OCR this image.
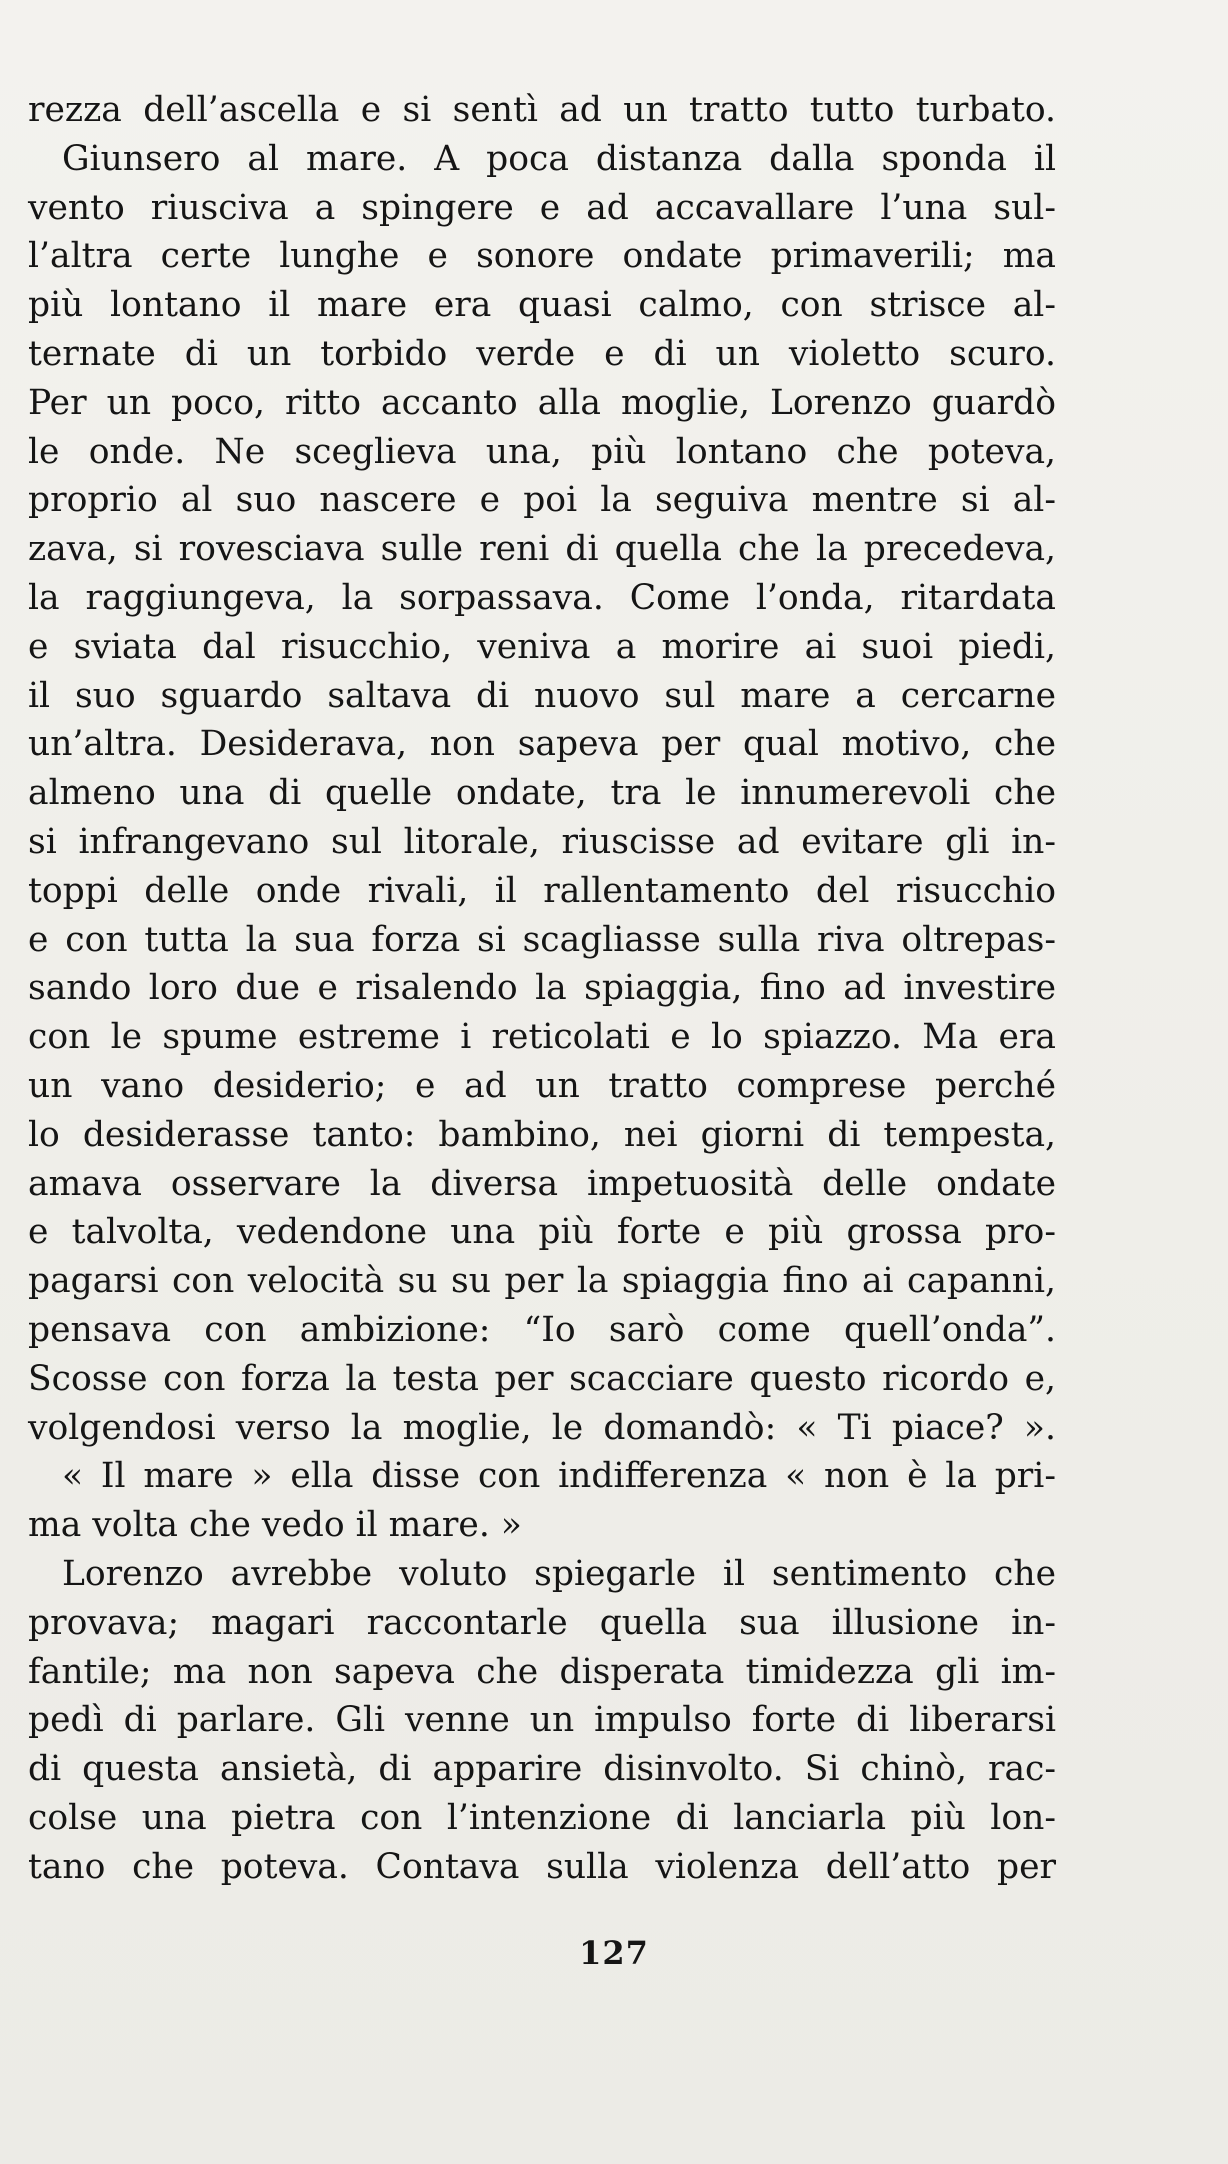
rezza dell’ascella e si sentì ad un tratto tutto turbato.
Giunsero al mare. A poca distanza dalla sponda il
vento riusciva a spingere e ad accavallare l’una sul-
l’altra certe lunghe e sonore ondate primaverili; ma
più lontano il mare era quasi calmo, con strisce al-
ternate di un torbido verde e di un violetto scuro.
Per un poco, ritto accanto alla moglie, Lorenzo guardò
le onde. Ne sceglieva una, più lontano che poteva,
proprio al suo nascere e poi la seguiva mentre si al-
zava, si rovesciava sulle reni di quella che la precedeva,
la raggiungeva, la sorpassava. Come l’onda, ritardata
e sviata dal risucchio, veniva a morire ai suoi piedi,
il suo sguardo saltava di nuovo sul mare a cercarne
un’altra. Desiderava, non sapeva per qual motivo, che
almeno una di quelle ondate, tra le innumerevoli che
si infrangevano sul litorale, riuscisse ad evitare gli in-
toppi delle onde rivali, il rallentamento del risucchio
e con tutta la sua forza si scagliasse sulla riva oltrepas-
sando loro due e risalendo la spiaggia, fino ad investire
con le spume estreme i reticolati e lo spiazzo. Ma era
un vano desiderio; e ad un tratto comprese perché
lo desiderasse tanto: bambino, nei giorni di tempesta,
amava osservare la diversa impetuosità delle ondate
e talvolta, vedendone una più forte e più grossa pro-
pagarsi con velocità su su per la spiaggia fino ai capanni,
pensava con ambizione: “Io sarò come quell’onda”.
Scosse con forza la testa per scacciare questo ricordo e,
volgendosi verso la moglie, le domandò: « Ti piace? ».
« Il mare » ella disse con indifferenza « non è la pri-
ma volta che vedo il mare. »
Lorenzo avrebbe voluto spiegarle il sentimento che
provava; magari raccontarle quella sua illusione in-
fantile; ma non sapeva che disperata timidezza gli im-
pedì di parlare. Gli venne un impulso forte di liberarsi
di questa ansietà, di apparire disinvolto. Si chinò, rac-
colse una pietra con l’intenzione di lanciarla più lon-
tano che poteva. Contava sulla violenza dell’atto per
127
